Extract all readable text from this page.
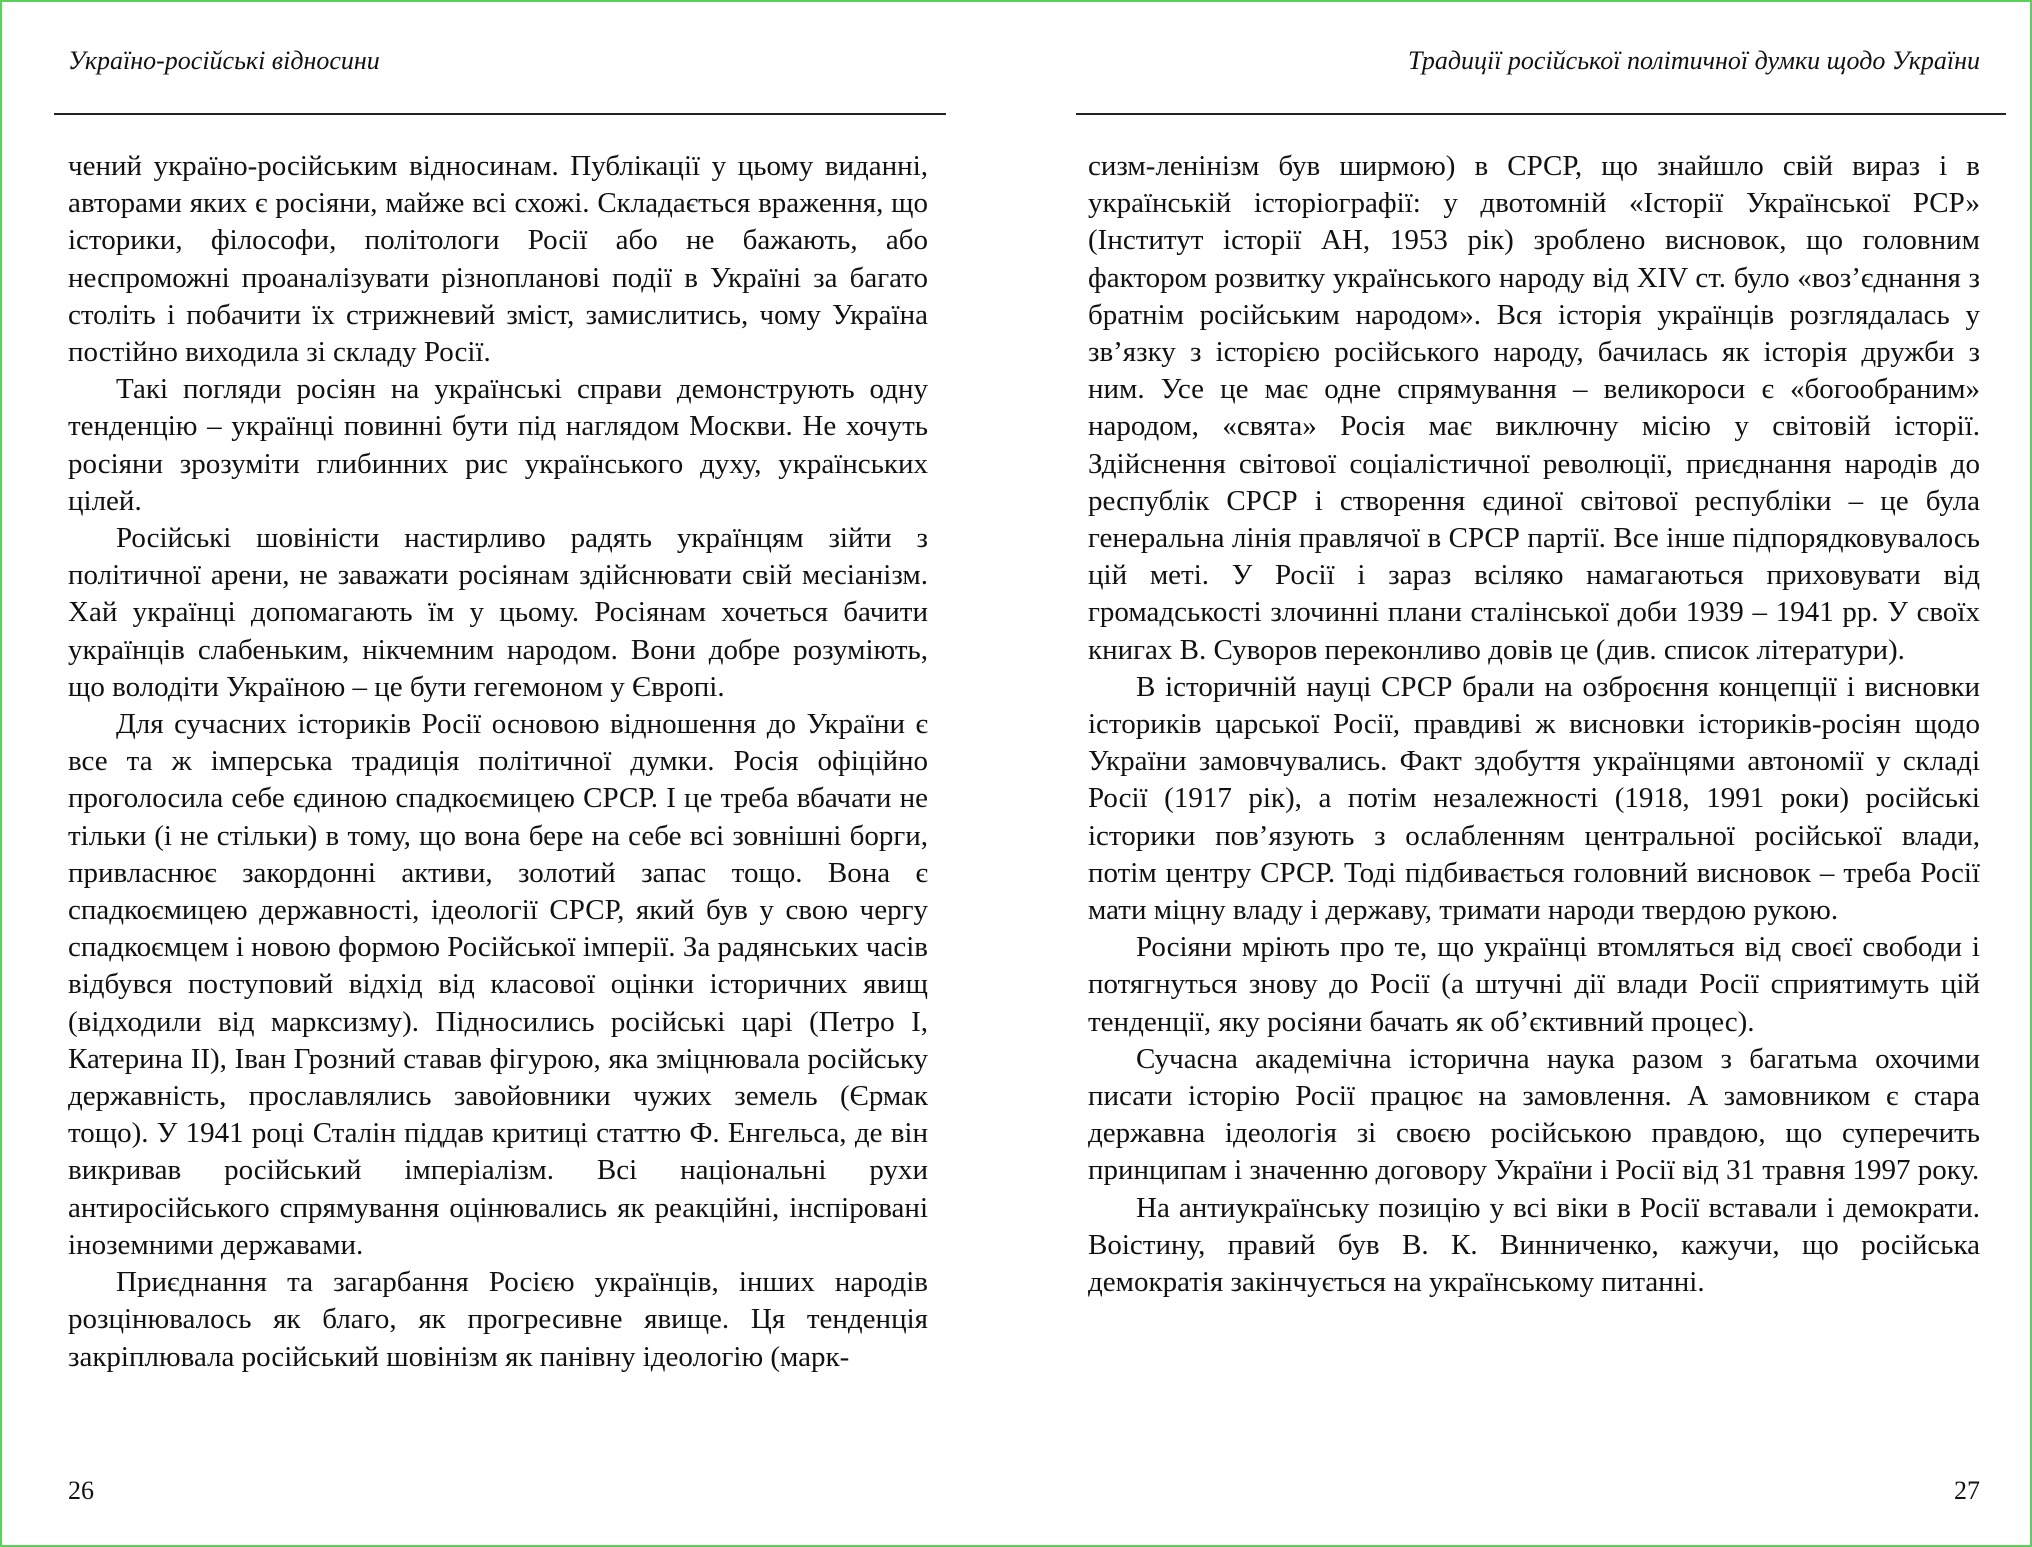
Україно-російські відносини

чений україно-російським відносинам. Публікації у цьому виданні, авторами яких є росіяни, майже всі схожі. Складається враження, що історики, філософи, політологи Росії або не бажають, або неспроможні проаналізувати різнопланові події в Україні за багато століть і побачити їх стрижневий зміст, замислитись, чому Україна постійно виходила зі складу Росії.

Такі погляди росіян на українські справи демонструють одну тенденцію – українці повинні бути під наглядом Москви. Не хочуть росіяни зрозуміти глибинних рис українського духу, українських цілей.

Російські шовіністи настирливо радять українцям зійти з політичної арени, не заважати росіянам здійснювати свій месіанізм. Хай українці допомагають їм у цьому. Росіянам хочеться бачити українців слабеньким, нікчемним народом. Вони добре розуміють, що володіти Україною – це бути гегемоном у Європі.

Для сучасних істориків Росії основою відношення до України є все та ж імперська традиція політичної думки. Росія офіційно проголосила себе єдиною спадкоємицею СРСР. І це треба вбачати не тільки (і не стільки) в тому, що вона бере на себе всі зовнішні борги, привласнює закордонні активи, золотий запас тощо. Вона є спадкоємицею державності, ідеології СРСР, який був у свою чергу спадкоємцем і новою формою Російської імперії. За радянських часів відбувся поступовий відхід від класової оцінки історичних явищ (відходили від марксизму). Підносились російські царі (Петро І, Катерина ІІ), Іван Грозний ставав фігурою, яка зміцнювала російську державність, прославлялись завойовники чужих земель (Єрмак тощо). У 1941 році Сталін піддав критиці статтю Ф. Енгельса, де він викривав російський імперіалізм. Всі національні рухи антиросійського спрямування оцінювались як реакційні, інспіровані іноземними державами.

Приєднання та загарбання Росією українців, інших народів розцінювалось як благо, як прогресивне явище. Ця тенденція закріплювала російський шовінізм як панівну ідеологію (марк-

26
Традиції російської політичної думки щодо України

сизм-ленінізм був ширмою) в СРСР, що знайшло свій вираз і в українській історіографії: у двотомній «Історії Української РСР» (Інститут історії АН, 1953 рік) зроблено висновок, що головним фактором розвитку українського народу від XIV ст. було «воз’єднання з братнім російським народом». Вся історія українців розглядалась у зв’язку з історією російського народу, бачилась як історія дружби з ним. Усе це має одне спрямування – великороси є «богообраним» народом, «свята» Росія має виключну місію у світовій історії. Здійснення світової соціалістичної революції, приєднання народів до республік СРСР і створення єдиної світової республіки – це була генеральна лінія правлячої в СРСР партії. Все інше підпорядковувалось цій меті. У Росії і зараз всіляко намагаються приховувати від громадськості злочинні плани сталінської доби 1939 – 1941 рр. У своїх книгах В. Суворов переконливо довів це (див. список літератури).

В історичній науці СРСР брали на озброєння концепції і висновки істориків царської Росії, правдиві ж висновки істориків-росіян щодо України замовчувались. Факт здобуття українцями автономії у складі Росії (1917 рік), а потім незалежності (1918, 1991 роки) російські історики пов’язують з ослабленням центральної російської влади, потім центру СРСР. Тоді підбивається головний висновок – треба Росії мати міцну владу і державу, тримати народи твердою рукою.

Росіяни мріють про те, що українці втомляться від своєї свободи і потягнуться знову до Росії (а штучні дії влади Росії сприятимуть цій тенденції, яку росіяни бачать як об’єктивний процес).

Сучасна академічна історична наука разом з багатьма охочими писати історію Росії працює на замовлення. А замовником є стара державна ідеологія зі своєю російською правдою, що суперечить принципам і значенню договору України і Росії від 31 травня 1997 року.

На антиукраїнську позицію у всі віки в Росії вставали і демократи. Воістину, правий був В. К. Винниченко, кажучи, що російська демократія закінчується на українському питанні.

27
